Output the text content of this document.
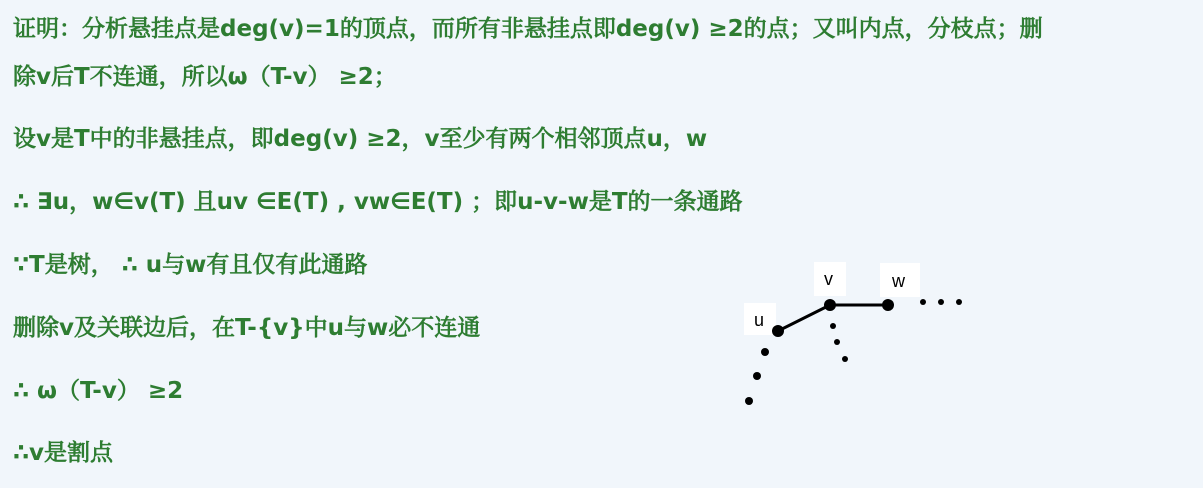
证明：分析悬挂点是deg(v)=1的顶点，而所有非悬挂点即deg(v) ≥2的点；又叫内点，分枝点；删
除v后T不连通，所以ω（T-v） ≥2；
设v是T中的非悬挂点，即deg(v) ≥2，v至少有两个相邻顶点u，w
∴ ∃u，w∈v(T) 且uv ∈E(T) , vw∈E(T) ；即u-v-w是T的一条通路
∵T是树， ∴ u与w有且仅有此通路
删除v及关联边后，在T-{v}中u与w必不连通
∴ ω（T-v） ≥2
∴v是割点
u
v	w
